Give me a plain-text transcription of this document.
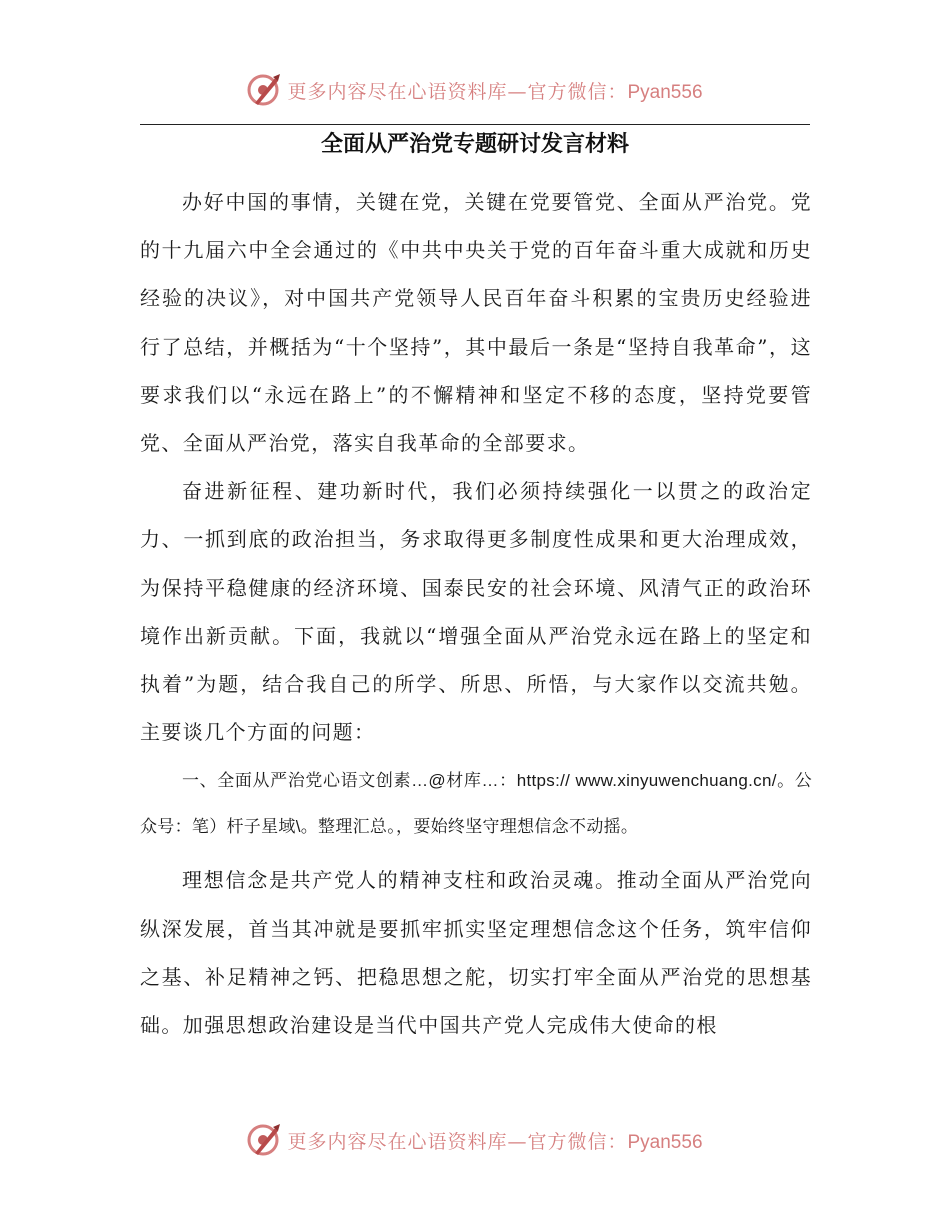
更多内容尽在心语资料库—官方微信：Pyan556
全面从严治党专题研讨发言材料

办好中国的事情，关键在党，关键在党要管党、全面从严治党。党的十九届六中全会通过的《中共中央关于党的百年奋斗重大成就和历史经验的决议》，对中国共产党领导人民百年奋斗积累的宝贵历史经验进行了总结，并概括为“十个坚持”，其中最后一条是“坚持自我革命”，这要求我们以“永远在路上”的不懈精神和坚定不移的态度，坚持党要管党、全面从严治党，落实自我革命的全部要求。

奋进新征程、建功新时代，我们必须持续强化一以贯之的政治定力、一抓到底的政治担当，务求取得更多制度性成果和更大治理成效，为保持平稳健康的经济环境、国泰民安的社会环境、风清气正的政治环境作出新贡献。下面，我就以“增强全面从严治党永远在路上的坚定和执着”为题，结合我自己的所学、所思、所悟，与大家作以交流共勉。主要谈几个方面的问题：

一、全面从严治党心语文创素…@材库…：https:// www.xinyuwenchuang.cn/。公众号：笔）杆子星域\。整理汇总。，要始终坚守理想信念不动摇。

理想信念是共产党人的精神支柱和政治灵魂。推动全面从严治党向纵深发展，首当其冲就是要抓牢抓实坚定理想信念这个任务，筑牢信仰之基、补足精神之钙、把稳思想之舵，切实打牢全面从严治党的思想基础。加强思想政治建设是当代中国共产党人完成伟大使命的根

更多内容尽在心语资料库—官方微信：Pyan556
